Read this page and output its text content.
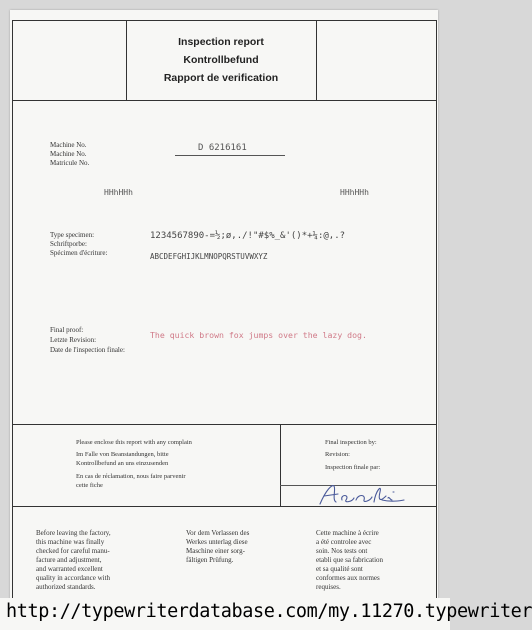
Inspection report
Kontrollbefund
Rapport de verification
Machine No.
Machine No.
Matricule No.
D 6216161
HHhHHh	HHhHHh
Type specimen:
Schriftporbe:
Spécimen d'écriture:
1234567890-=½;ø,./!"#$%_&'()*+¼:@,.?
ABCDEFGHIJKLMNOPQRSTUVWXYZ
Final proof:
Letzte Revision:
Date de l'inspection finale:
The quick brown fox jumps over the lazy dog.
Please enclose this report with any complain
Im Falle von Beanstandungen, bitte
Kontrollbefund an uns einzusenden
En cas de réclamation, nous faire parvenir
cette fiche
Final inspection by:
Revision:
Inspection finale par:
Asahi
Before leaving the factory,
this machine was finally
checked for careful manu-
facture and adjustment,
and warranted excellent
quality in accordance with
authorized standards.
Vor dem Verlassen des
Werkes unterlag diese
Maschine einer sorg-
fältigen Prüfung.
Cette machine à écrire
a été controlee avec
soin. Nos tests ont
etabli que sa fabrication
et sa qualité sont
conformes aux normes
requises.
http://typewriterdatabase.com/my.11270.typewriter
